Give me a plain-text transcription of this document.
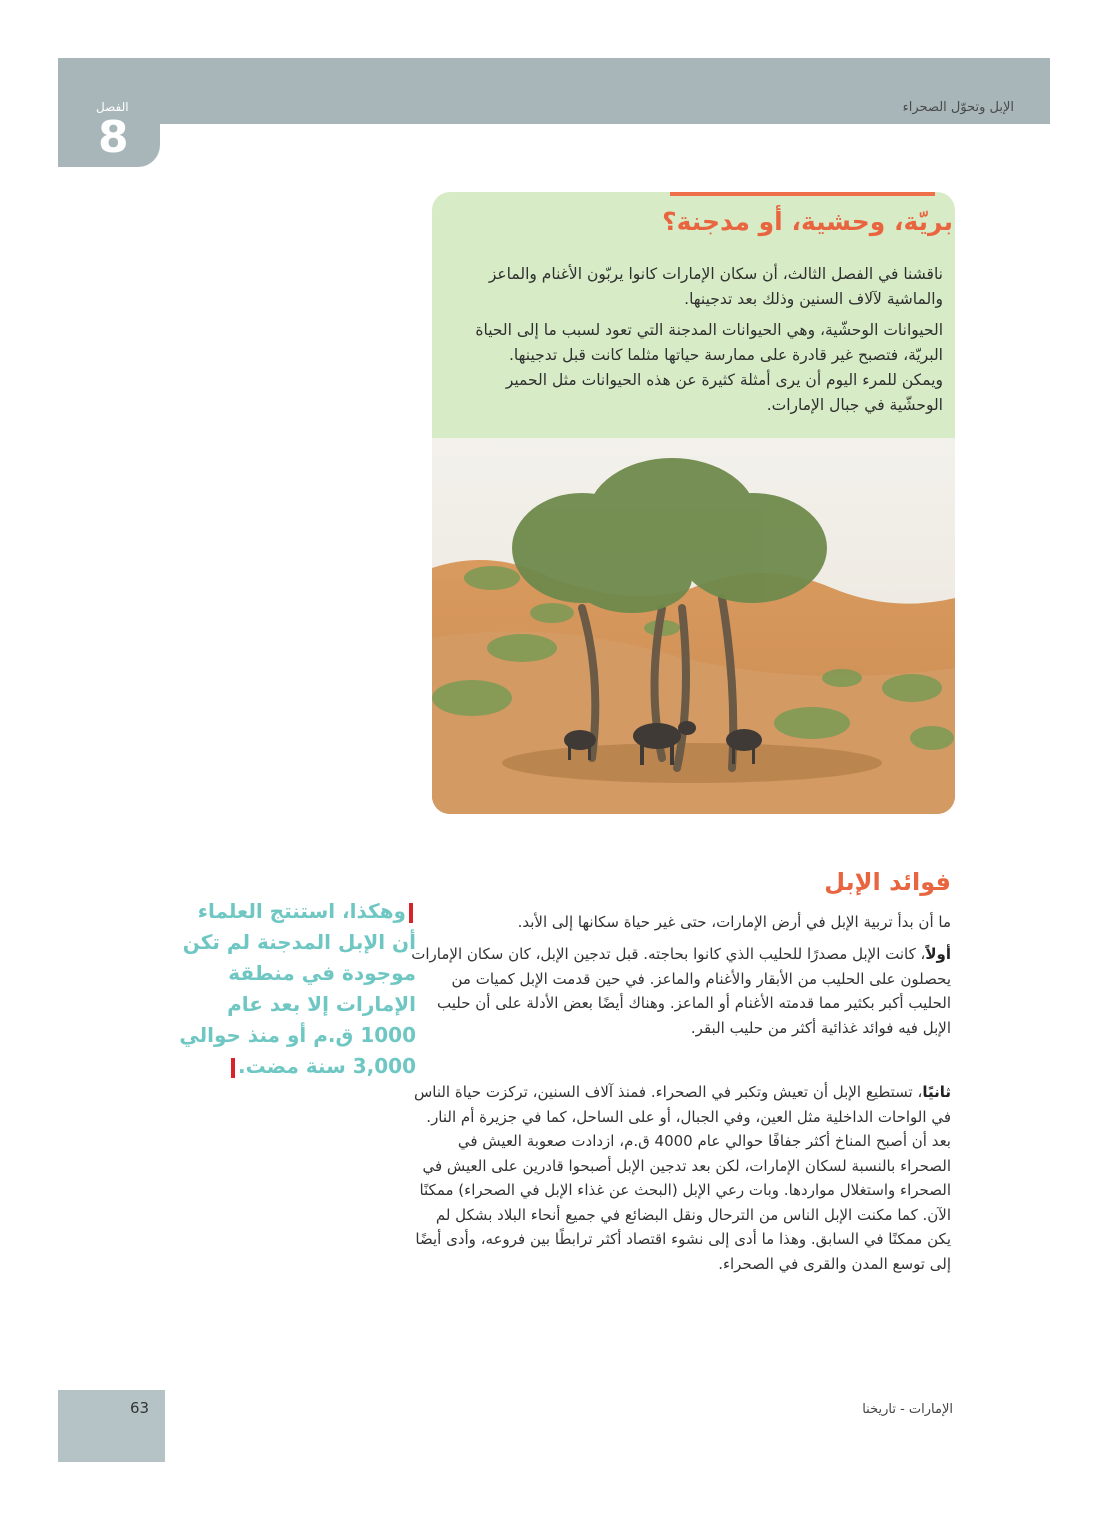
الإبل وتحوّل الصحراء
الفصل
8
بريّة، وحشية، أو مدجنة؟
ناقشنا في الفصل الثالث، أن سكان الإمارات كانوا يربّون الأغنام والماعز والماشية لآلاف السنين وذلك بعد تدجينها.
الحيوانات الوحشّية، وهي الحيوانات المدجنة التي تعود لسبب ما إلى الحياة البريّة، فتصبح غير قادرة على ممارسة حياتها مثلما كانت قبل تدجينها. ويمكن للمرء اليوم أن يرى أمثلة كثيرة عن هذه الحيوانات مثل الحمير الوحشّية في جبال الإمارات.
فوائد الإبل
ما أن بدأ تربية الإبل في أرض الإمارات، حتى غير حياة سكانها إلى الأبد.
أولاً، كانت الإبل مصدرًا للحليب الذي كانوا بحاجته. قبل تدجين الإبل، كان سكان الإمارات يحصلون على الحليب من الأبقار والأغنام والماعز. في حين قدمت الإبل كميات من الحليب أكبر بكثير مما قدمته الأغنام أو الماعز. وهناك أيضًا بعض الأدلة على أن حليب الإبل فيه فوائد غذائية أكثر من حليب البقر.
ثانيًا، تستطيع الإبل أن تعيش وتكبر في الصحراء. فمنذ آلاف السنين، تركزت حياة الناس في الواحات الداخلية مثل العين، وفي الجبال، أو على الساحل، كما في جزيرة أم النار. بعد أن أصبح المناخ أكثر جفافًا حوالي عام 4000 ق.م، ازدادت صعوبة العيش في الصحراء بالنسبة لسكان الإمارات، لكن بعد تدجين الإبل أصبحوا قادرين على العيش في الصحراء واستغلال مواردها. وبات رعي الإبل (البحث عن غذاء الإبل في الصحراء) ممكنًا الآن. كما مكنت الإبل الناس من الترحال ونقل البضائع في جميع أنحاء البلاد بشكل لم يكن ممكنًا في السابق. وهذا ما أدى إلى نشوء اقتصاد أكثر ترابطًا بين فروعه، وأدى أيضًا إلى توسع المدن والقرى في الصحراء.
وهكذا، استنتج العلماء أن الإبل المدجنة لم تكن موجودة في منطقة الإمارات إلا بعد عام 1000 ق.م أو منذ حوالي 3,000 سنة مضت.
63	الإمارات - تاريخنا
